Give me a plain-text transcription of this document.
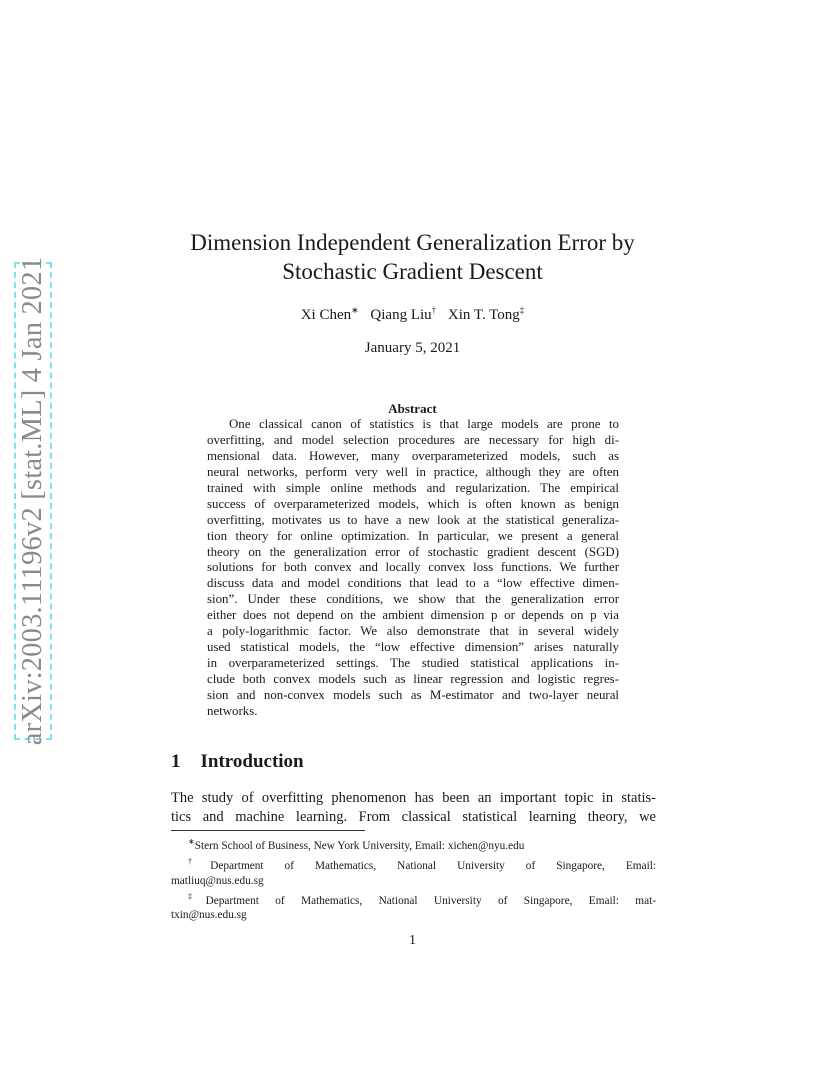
arXiv:2003.11196v2 [stat.ML] 4 Jan 2021
Dimension Independent Generalization Error by
Stochastic Gradient Descent
Xi Chen∗ Qiang Liu† Xin T. Tong‡
January 5, 2021
Abstract
One classical canon of statistics is that large models are prone to
overfitting, and model selection procedures are necessary for high di-
mensional data. However, many overparameterized models, such as
neural networks, perform very well in practice, although they are often
trained with simple online methods and regularization. The empirical
success of overparameterized models, which is often known as benign
overfitting, motivates us to have a new look at the statistical generaliza-
tion theory for online optimization. In particular, we present a general
theory on the generalization error of stochastic gradient descent (SGD)
solutions for both convex and locally convex loss functions. We further
discuss data and model conditions that lead to a “low effective dimen-
sion”. Under these conditions, we show that the generalization error
either does not depend on the ambient dimension p or depends on p via
a poly-logarithmic factor. We also demonstrate that in several widely
used statistical models, the “low effective dimension” arises naturally
in overparameterized settings. The studied statistical applications in-
clude both convex models such as linear regression and logistic regres-
sion and non-convex models such as M-estimator and two-layer neural
networks.
1 Introduction
The study of overfitting phenomenon has been an important topic in statis-
tics and machine learning. From classical statistical learning theory, we
∗Stern School of Business, New York University, Email: xichen@nyu.edu
†Department of Mathematics, National University of Singapore, Email:
matliuq@nus.edu.sg
‡Department of Mathematics, National University of Singapore, Email: mat-
txin@nus.edu.sg
1
